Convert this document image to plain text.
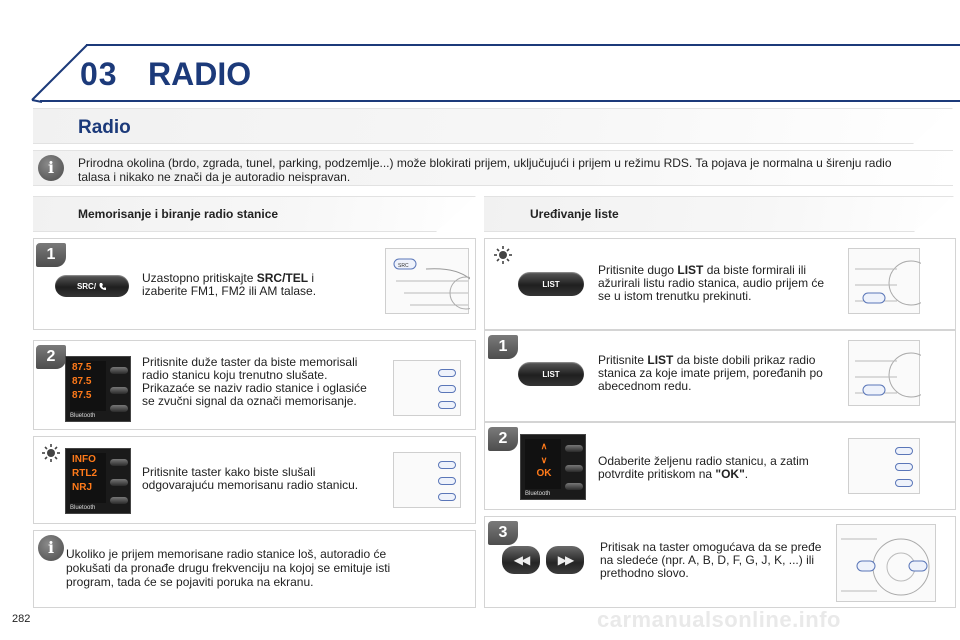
03 RADIO
Radio
i	Prirodna okolina (brdo, zgrada, tunel, parking, podzemlje...) može blokirati prijem, uključujući i prijem u režimu RDS. Ta pojava je normalna u širenju radio talasa i nikako ne znači da je autoradio neispravan.
Memorisanje i biranje radio stanice
1
SRC/
Uzastopno pritiskajte SRC/TEL i izaberite FM1, FM2 ili AM talase.
SRC
2
87.5
87.5
87.5
Bluetooth
Pritisnite duže taster da biste memorisali radio stanicu koju trenutno slušate. Prikazaće se naziv radio stanice i oglasiće se zvučni signal da označi memorisanje.
INFO
RTL2
NRJ
Bluetooth
Pritisnite taster kako biste slušali odgovarajuću memorisanu radio stanicu.
i Ukoliko je prijem memorisane radio stanice loš, autoradio će pokušati da pronađe drugu frekvenciju na kojoj se emituje isti program, tada će se pojaviti poruka na ekranu.
Uređivanje liste
LIST
Pritisnite dugo LIST da biste formirali ili ažurirali listu radio stanica, audio prijem će se u istom trenutku prekinuti.
1
LIST
Pritisnite LIST da biste dobili prikaz radio stanica za koje imate prijem, poređanih po abecednom redu.
2	∧
∨
OK
Bluetooth
Odaberite željenu radio stanicu, a zatim potvrdite pritiskom na "OK".
3
◀◀ ▶▶
Pritisak na taster omogućava da se pređe na sledeće (npr. A, B, D, F, G, J, K, ...) ili prethodno slovo.
282	carmanualsonline.info
